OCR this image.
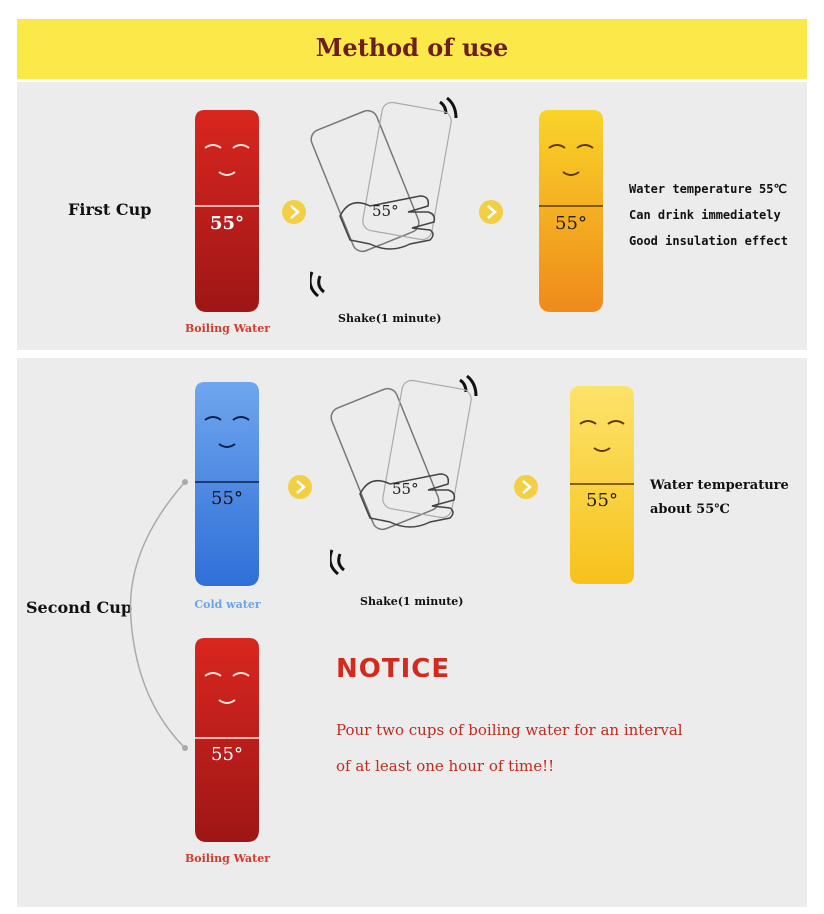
Method of use
First Cup
55°
Boiling Water
55°
Shake(1 minute)
55°
Water temperature 55℃
Can drink immediately
Good insulation effect
Second Cup
55°
Cold water
55°
Shake(1 minute)
55°
Water temperature
about 55℃
55°
Boiling Water
NOTICE
Pour two cups of boiling water for an interval
of at least one hour of time!!
